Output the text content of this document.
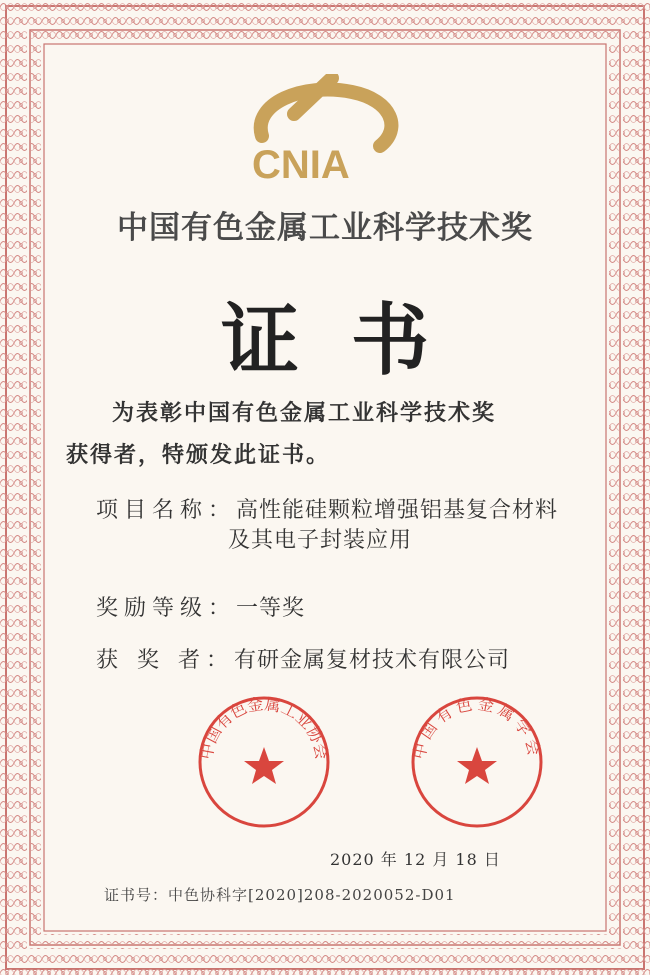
CNIA
中国有色金属工业科学技术奖
证书
为表彰中国有色金属工业科学技术奖
获得者，特颁发此证书。
项目名称：高性能硅颗粒增强铝基复合材料
及其电子封装应用
奖励等级：一等奖
获 奖 者：有研金属复材技术有限公司
中国有色金属工业协会	中国有色金属学会
2020 年 12 月 18 日
证书号：中色协科字[2020]208-2020052-D01
